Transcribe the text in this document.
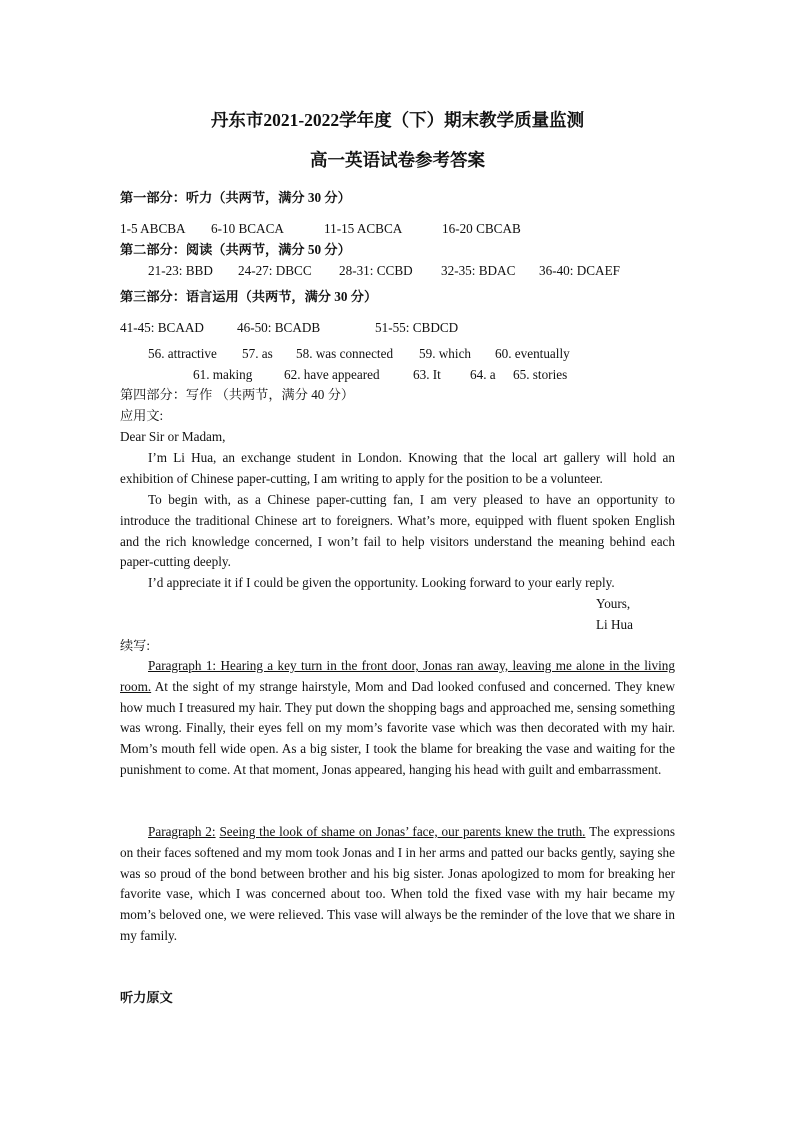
丹东市2021-2022学年度（下）期末教学质量监测
高一英语试卷参考答案
第一部分：听力（共两节，满分 30 分）
1-5 ABCBA 6-10 BCACA	11-15 ACBCA	16-20 CBCAB
第二部分：阅读（共两节，满分 50 分）
21-23: BBD 24-27: DBCC 28-31: CCBD 32-35: BDAC 36-40: DCAEF
第三部分：语言运用（共两节，满分 30 分）
41-45: BCAAD	46-50: BCADB	51-55: CBDCD
56. attractive 57. as 58. was connected 59. which 60. eventually
61. making 62. have appeared	63. It 64. a 65. stories
第四部分：写作 （共两节，满分 40 分）
应用文:
Dear Sir or Madam,
I’m Li Hua, an exchange student in London. Knowing that the local art gallery will hold an exhibition of Chinese paper-cutting, I am writing to apply for the position to be a volunteer.
To begin with, as a Chinese paper-cutting fan, I am very pleased to have an opportunity to introduce the traditional Chinese art to foreigners. What’s more, equipped with fluent spoken English and the rich knowledge concerned, I won’t fail to help visitors understand the meaning behind each paper-cutting deeply.
I’d appreciate it if I could be given the opportunity. Looking forward to your early reply.
Yours,
Li Hua
续写:
Paragraph 1: Hearing a key turn in the front door, Jonas ran away, leaving me alone in the living room. At the sight of my strange hairstyle, Mom and Dad looked confused and concerned. They knew how much I treasured my hair. They put down the shopping bags and approached me, sensing something was wrong. Finally, their eyes fell on my mom’s favorite vase which was then decorated with my hair. Mom’s mouth fell wide open. As a big sister, I took the blame for breaking the vase and waiting for the punishment to come. At that moment, Jonas appeared, hanging his head with guilt and embarrassment.
Paragraph 2: Seeing the look of shame on Jonas’ face, our parents knew the truth. The expressions on their faces softened and my mom took Jonas and I in her arms and patted our backs gently, saying she was so proud of the bond between brother and his big sister. Jonas apologized to mom for breaking her favorite vase, which I was concerned about too. When told the fixed vase with my hair became my mom’s beloved one, we were relieved. This vase will always be the reminder of the love that we share in my family.
听力原文
